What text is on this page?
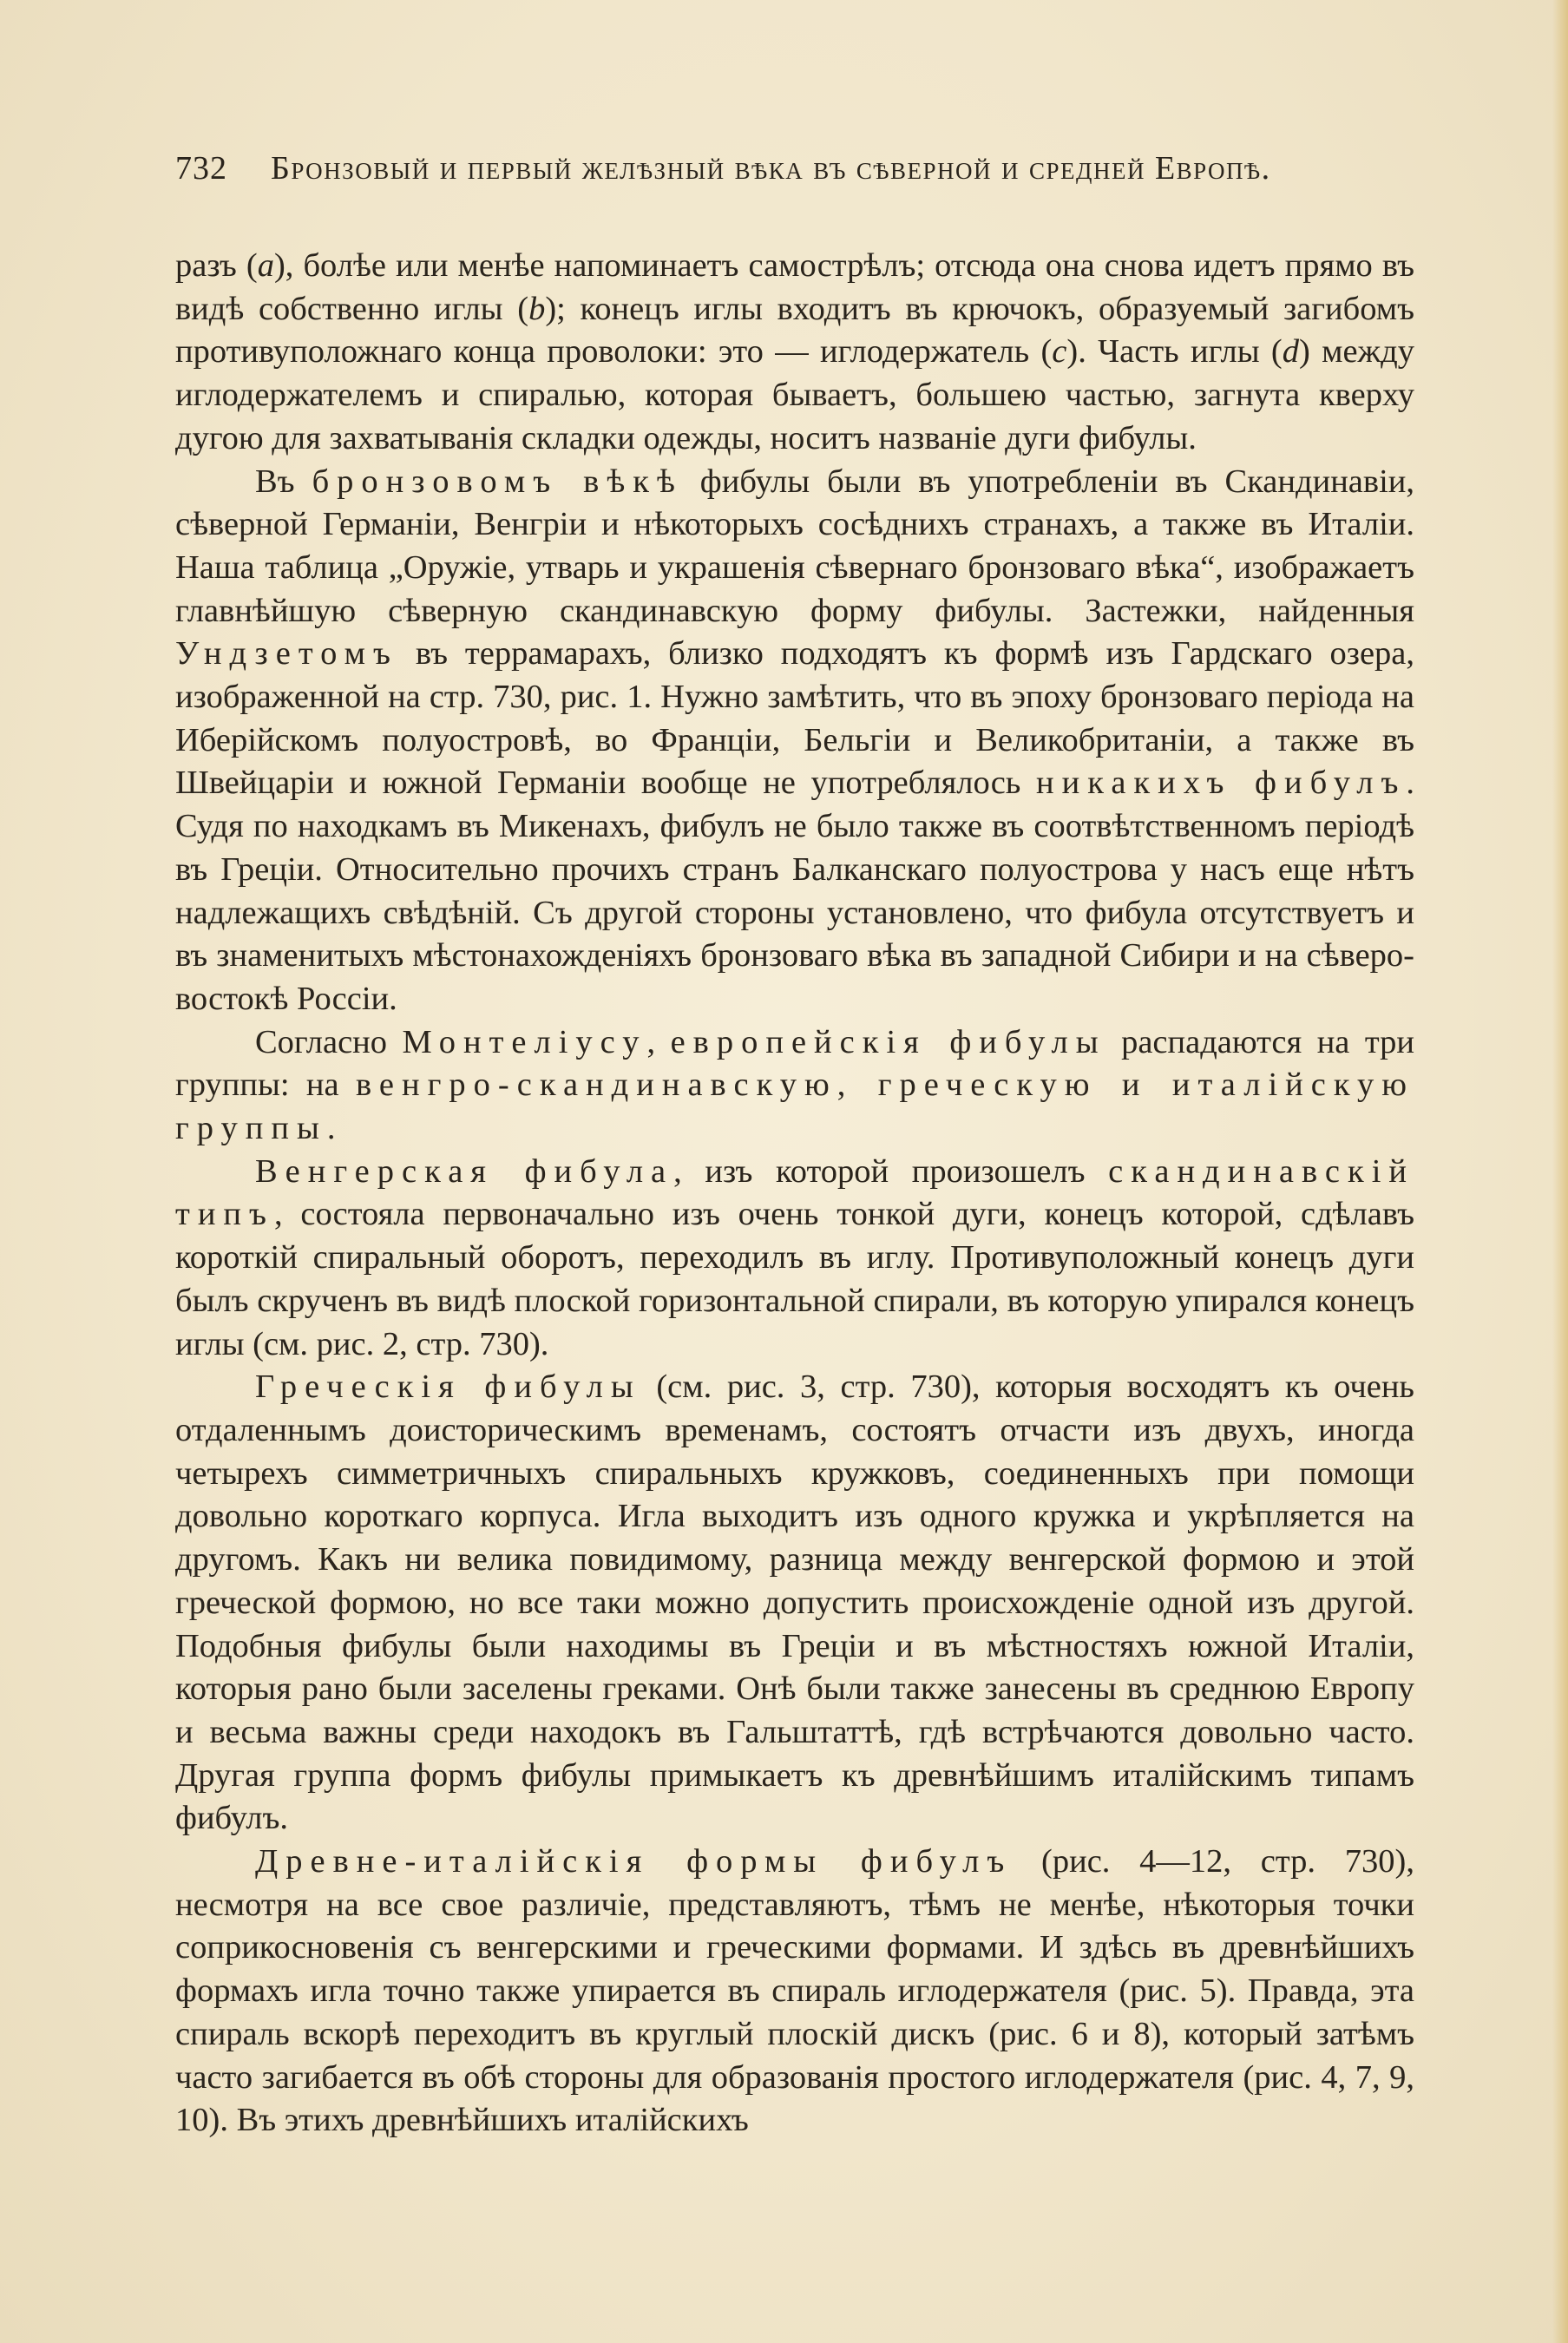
732 Бронзовый и первый желѣзный вѣка въ сѣверной и средней Европѣ.

разъ (a), болѣе или менѣе напоминаетъ самострѣлъ; отсюда она снова идетъ прямо въ видѣ собственно иглы (b); конецъ иглы входитъ въ крючокъ, образуемый загибомъ противуположнаго конца проволоки: это — иглодержатель (c). Часть иглы (d) между иглодержателемъ и спиралью, которая бываетъ, большею частью, загнута кверху дугою для захватыванія складки одежды, носитъ названіе дуги фибулы.

Въ бронзовомъ вѣкѣ фибулы были въ употребленіи въ Скандинавіи, сѣверной Германіи, Венгріи и нѣкоторыхъ сосѣднихъ странахъ, а также въ Италіи. Наша таблица „Оружіе, утварь и украшенія сѣвернаго бронзоваго вѣка“, изображаетъ главнѣйшую сѣверную скандинавскую форму фибулы. Застежки, найденныя Ундзетомъ въ террамарахъ, близко подходятъ къ формѣ изъ Гардскаго озера, изображенной на стр. 730, рис. 1. Нужно замѣтить, что въ эпоху бронзоваго періода на Иберійскомъ полуостровѣ, во Франціи, Бельгіи и Великобританіи, а также въ Швейцаріи и южной Германіи вообще не употреблялось никакихъ фибулъ. Судя по находкамъ въ Микенахъ, фибулъ не было также въ соотвѣтственномъ періодѣ въ Греціи. Относительно прочихъ странъ Балканскаго полуострова у насъ еще нѣтъ надлежащихъ свѣдѣній. Съ другой стороны установлено, что фибула отсутствуетъ и въ знаменитыхъ мѣстонахожденіяхъ бронзоваго вѣка въ западной Сибири и на сѣверо-востокѣ Россіи.

Согласно Монтеліусу, европейскія фибулы распадаются на три группы: на венгро-скандинавскую, греческую и италійскую группы.

Венгерская фибула, изъ которой произошелъ скандинавскій типъ, состояла первоначально изъ очень тонкой дуги, конецъ которой, сдѣлавъ короткій спиральный оборотъ, переходилъ въ иглу. Противуположный конецъ дуги былъ скрученъ въ видѣ плоской горизонтальной спирали, въ которую упирался конецъ иглы (см. рис. 2, стр. 730).

Греческія фибулы (см. рис. 3, стр. 730), которыя восходятъ къ очень отдаленнымъ доисторическимъ временамъ, состоятъ отчасти изъ двухъ, иногда четырехъ симметричныхъ спиральныхъ кружковъ, соединенныхъ при помощи довольно короткаго корпуса. Игла выходитъ изъ одного кружка и укрѣпляется на другомъ. Какъ ни велика повидимому, разница между венгерской формою и этой греческой формою, но все таки можно допустить происхожденіе одной изъ другой. Подобныя фибулы были находимы въ Греціи и въ мѣстностяхъ южной Италіи, которыя рано были заселены греками. Онѣ были также занесены въ среднюю Европу и весьма важны среди находокъ въ Гальштаттѣ, гдѣ встрѣчаются довольно часто. Другая группа формъ фибулы примыкаетъ къ древнѣйшимъ италійскимъ типамъ фибулъ.

Древне-италійскія формы фибулъ (рис. 4—12, стр. 730), несмотря на все свое различіе, представляютъ, тѣмъ не менѣе, нѣкоторыя точки соприкосновенія съ венгерскими и греческими формами. И здѣсь въ древнѣйшихъ формахъ игла точно также упирается въ спираль иглодержателя (рис. 5). Правда, эта спираль вскорѣ переходитъ въ круглый плоскій дискъ (рис. 6 и 8), который затѣмъ часто загибается въ обѣ стороны для образованія простого иглодержателя (рис. 4, 7, 9, 10). Въ этихъ древнѣйшихъ италійскихъ
